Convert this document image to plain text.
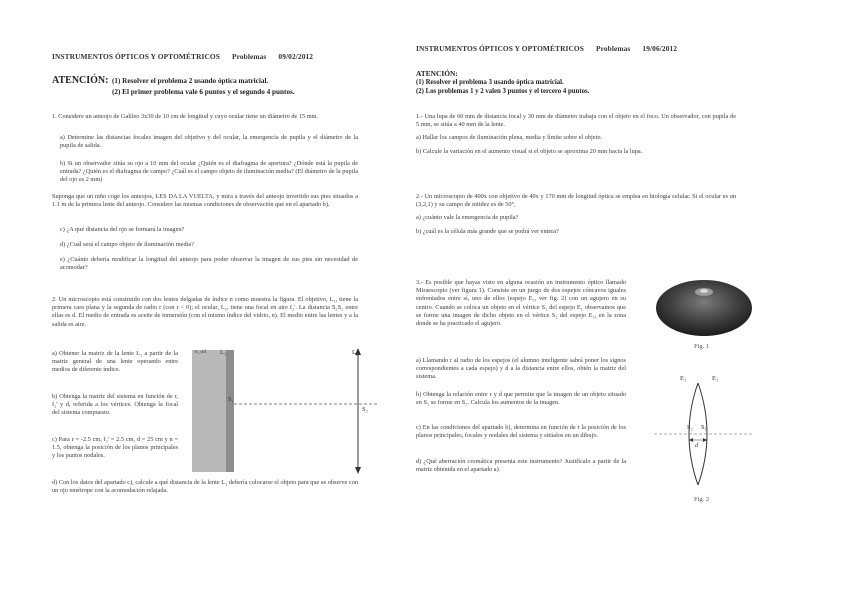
INSTRUMENTOS ÓPTICOS Y OPTOMÉTRICOS Problemas 09/02/2012
ATENCIÓN: (1) Resolver el problema 2 usando óptica matricial.
(2) El primer problema vale 6 puntos y el segundo 4 puntos.
1. Considere un anteojo de Galileo 3x30 de 10 cm de longitud y cuyo ocular tiene un diámetro de 15 mm.
a) Determine las distancias focales imagen del objetivo y del ocular, la emergencia de pupila y el diámetro de la pupila de salida.
b) Si un observador sitúa su ojo a 10 mm del ocular ¿Quién es el diafragma de apertura? ¿Dónde está la pupila de entrada? ¿Quién es el diafragma de campo? ¿Cuál es el campo objeto de iluminación media? (El diámetro de la pupila del ojo es 2 mm)
Suponga que un niño coge los anteojos, LES DA LA VUELTA, y mira a través del anteojo invertido sus pies situados a 1.1 m de la primera lente del anteojo. Considere las mismas condiciones de observación que en el apartado b).
c) ¿A qué distancia del ojo se formará la imagen?
d) ¿Cuál será el campo objeto de iluminación media?
e) ¿Cuánto debería modificar la longitud del anteojo para poder observar la imagen de sus pies sin necesidad de acomodar?
2. Un microscopio está construido con dos lentes delgadas de índice n como muestra la figura. El objetivo, L₁, tiene la primera cara plana y la segunda de radio r (con r < 0); el ocular, L₂, tiene una focal en aire f₂'. La distancia S₂S₂ entre ellas es d. El medio de entrada es aceite de inmersión (con el mismo índice del vidrio, n). El medio entre las lentes y a la salida es aire.
a) Obtener la matriz de la lente L₁ a partir de la matriz general de una lente operando entre medios de diferente índice.
b) Obtenga la matriz del sistema en función de r, f₂' y d, referida a los vértices. Obtenga la focal del sistema compuesto.
c) Para r = -2.5 cm, f₂' = 2.5 cm, d = 25 cm y n = 1.5, obtenga la posición de los planos principales y los puntos nodales.
d) Con los datos del apartado c), calcule a qué distancia de la lente L₁ debería colocarse el objeto para que se observe con un ojo emétrope con la acomodación relajada.
n_oil L₁	L₂
S₁
S₂
INSTRUMENTOS ÓPTICOS Y OPTOMÉTRICOS Problemas 19/06/2012
ATENCIÓN:
(1) Resolver el problema 3 usando óptica matricial.
(2) Los problemas 1 y 2 valen 3 puntos y el tercero 4 puntos.
1.- Una lupa de 60 mm de distancia focal y 30 mm de diámetro trabaja con el objeto en el foco. Un observador, con pupila de 5 mm, se sitúa a 40 mm de la lente.
a) Hallar los campos de iluminación plena, media y límite sobre el objeto.
b) Calcule la variación en el aumento visual si el objeto se aproxima 20 mm hacia la lupa.
2.- Un microscopio de 400x con objetivo de 40x y 170 mm de longitud óptica se emplea en biología celular. Si el ocular es un (3,2,1) y su campo de nitidez es de 50°,
a) ¿cuánto vale la emergencia de pupila?
b) ¿cuál es la célula más grande que se podrá ver entera?
3.- Es posible que hayas visto en alguna ocasión un instrumento óptico llamado Miraescopio (ver figura 1). Consiste en un juego de dos espejos cóncavos iguales enfrentados entre sí, uno de ellos (espejo E₂, ver fig. 2) con un agujero en su centro. Cuando se coloca un objeto en el vértice S₁ del espejo E₁ observamos que se forme una imagen de dicho objeto en el vértice S₂ del espejo E₂, en la zona donde se ha practicado el agujero.
a) Llamando r al radio de los espejos (el alumno inteligente sabrá poner los signos correspondientes a cada espejo) y d a la distancia entre ellos, obtén la matriz del sistema.
b) Obtenga la relación entre r y d que permite que la imagen de un objeto situado en S₁ se forme en S₂. Calcula los aumentos de la imagen.
c) En las condiciones del apartado b), determina en función de r la posición de los planos principales, focales y nodales del sistema y sitúalos en un dibujo.
d) ¿Qué aberración cromática presenta este instrumento? Justifícalo a partir de la matriz obtenida en el apartado a).
Fig. 1
E₁	E₁
S₂ S₁
d
Fig. 2
